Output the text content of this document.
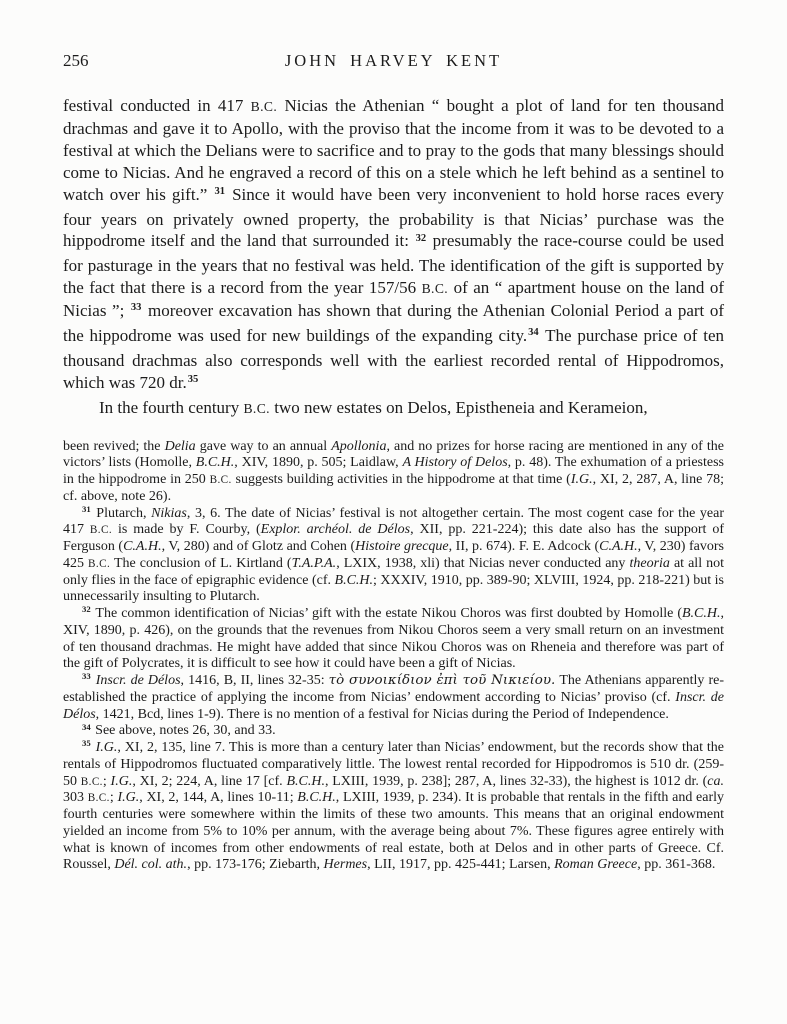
256	JOHN HARVEY KENT

festival conducted in 417 B.C. Nicias the Athenian “ bought a plot of land for ten thousand drachmas and gave it to Apollo, with the proviso that the income from it was to be devoted to a festival at which the Delians were to sacrifice and to pray to the gods that many blessings should come to Nicias. And he engraved a record of this on a stele which he left behind as a sentinel to watch over his gift.” $^{31}$ Since it would have been very inconvenient to hold horse races every four years on privately owned property, the probability is that Nicias’ purchase was the hippodrome itself and the land that surrounded it: $^{32}$ presumably the race-course could be used for pasturage in the years that no festival was held. The identification of the gift is supported by the fact that there is a record from the year 157/56 B.C. of an “ apartment house on the land of Nicias ”; $^{33}$ moreover excavation has shown that during the Athenian Colonial Period a part of the hippodrome was used for new buildings of the expanding city.$^{34}$ The purchase price of ten thousand drachmas also corresponds well with the earliest recorded rental of Hippodromos, which was 720 dr.$^{35}$

In the fourth century B.C. two new estates on Delos, Epistheneia and Kerameion,

been revived; the Delia gave way to an annual Apollonia, and no prizes for horse racing are mentioned in any of the victors’ lists (Homolle, B.C.H., XIV, 1890, p. 505; Laidlaw, A History of Delos, p. 48). The exhumation of a priestess in the hippodrome in 250 B.C. suggests building activities in the hippodrome at that time (I.G., XI, 2, 287, A, line 78; cf. above, note 26).

$^{31}$ Plutarch, Nikias, 3, 6. The date of Nicias’ festival is not altogether certain. The most cogent case for the year 417 B.C. is made by F. Courby, (Explor. archéol. de Délos, XII, pp. 221-224); this date also has the support of Ferguson (C.A.H., V, 280) and of Glotz and Cohen (Histoire grecque, II, p. 674). F. E. Adcock (C.A.H., V, 230) favors 425 B.C. The conclusion of L. Kirtland (T.A.P.A., LXIX, 1938, xli) that Nicias never conducted any theoria at all not only flies in the face of epigraphic evidence (cf. B.C.H.; XXXIV, 1910, pp. 389-90; XLVIII, 1924, pp. 218-221) but is unnecessarily insulting to Plutarch.

$^{32}$ The common identification of Nicias’ gift with the estate Nikou Choros was first doubted by Homolle (B.C.H., XIV, 1890, p. 426), on the grounds that the revenues from Nikou Choros seem a very small return on an investment of ten thousand drachmas. He might have added that since Nikou Choros was on Rheneia and therefore was part of the gift of Polycrates, it is difficult to see how it could have been a gift of Nicias.

$^{33}$ Inscr. de Délos, 1416, B, II, lines 32-35: τὸ συνοικίδιον ἐπὶ τοῦ Νικιείου. The Athenians apparently re-established the practice of applying the income from Nicias’ endowment according to Nicias’ proviso (cf. Inscr. de Délos, 1421, Bcd, lines 1-9). There is no mention of a festival for Nicias during the Period of Independence.

$^{34}$ See above, notes 26, 30, and 33.

$^{35}$ I.G., XI, 2, 135, line 7. This is more than a century later than Nicias’ endowment, but the records show that the rentals of Hippodromos fluctuated comparatively little. The lowest rental recorded for Hippodromos is 510 dr. (259-50 B.C.; I.G., XI, 2; 224, A, line 17 [cf. B.C.H., LXIII, 1939, p. 238]; 287, A, lines 32-33), the highest is 1012 dr. (ca. 303 B.C.; I.G., XI, 2, 144, A, lines 10-11; B.C.H., LXIII, 1939, p. 234). It is probable that rentals in the fifth and early fourth centuries were somewhere within the limits of these two amounts. This means that an original endowment yielded an income from 5% to 10% per annum, with the average being about 7%. These figures agree entirely with what is known of incomes from other endowments of real estate, both at Delos and in other parts of Greece. Cf. Roussel, Dél. col. ath., pp. 173-176; Ziebarth, Hermes, LII, 1917, pp. 425-441; Larsen, Roman Greece, pp. 361-368.
